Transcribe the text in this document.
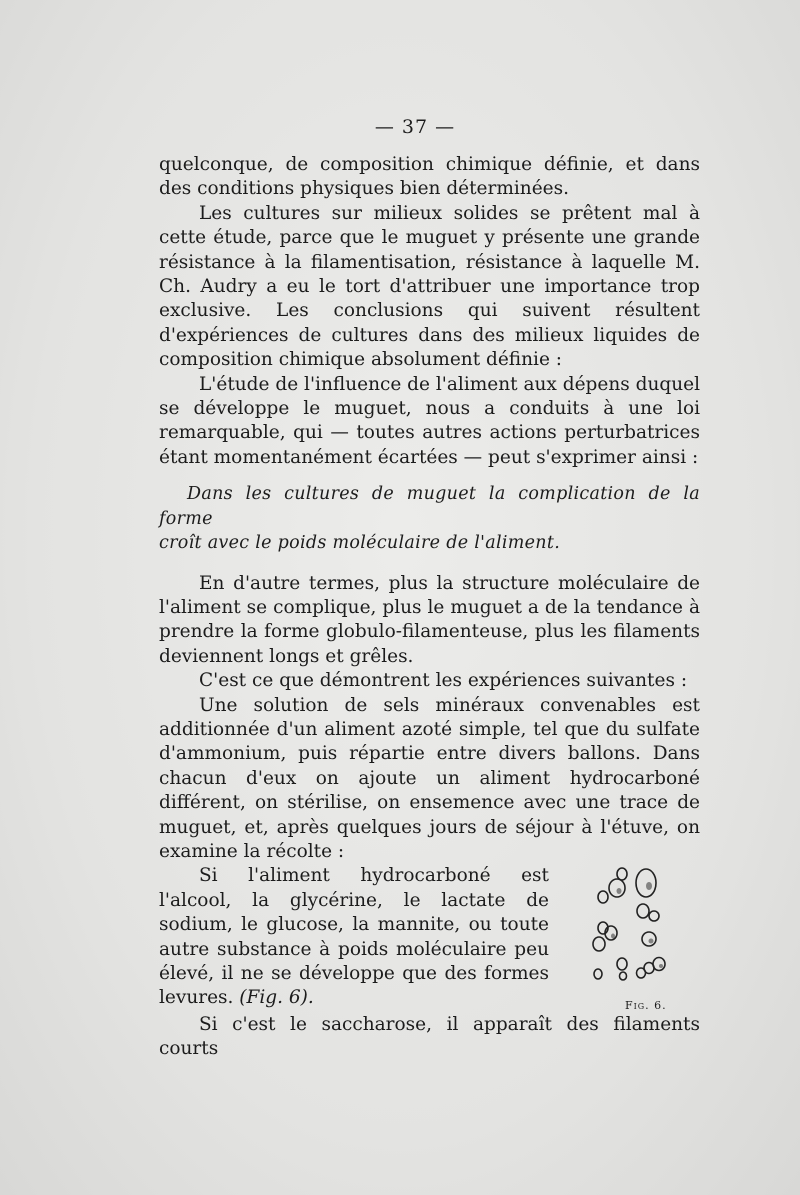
— 37 —

quelconque, de composition chimique définie, et dans des conditions physiques bien déterminées.

Les cultures sur milieux solides se prêtent mal à cette étude, parce que le muguet y présente une grande résistance à la filamentisation, résistance à laquelle M. Ch. Audry a eu le tort d'attribuer une importance trop exclusive. Les conclusions qui suivent résultent d'expériences de cultures dans des milieux liquides de composition chimique absolument définie :

L'étude de l'influence de l'aliment aux dépens duquel se développe le muguet, nous a conduits à une loi remarquable, qui — toutes autres actions perturbatrices étant momentanément écartées — peut s'exprimer ainsi :

Dans les cultures de muguet la complication de la forme
croît avec le poids moléculaire de l'aliment.

En d'autre termes, plus la structure moléculaire de l'aliment se complique, plus le muguet a de la tendance à prendre la forme globulo-filamenteuse, plus les filaments deviennent longs et grêles.

C'est ce que démontrent les expériences suivantes :

Une solution de sels minéraux convenables est additionnée d'un aliment azoté simple, tel que du sulfate d'ammonium, puis répartie entre divers ballons. Dans chacun d'eux on ajoute un aliment hydrocarboné différent, on stérilise, on ensemence avec une trace de muguet, et, après quelques jours de séjour à l'étuve, on examine la récolte :

Si l'aliment hydrocarboné est l'alcool, la glycérine, le lactate de sodium, le glucose, la mannite, ou toute autre substance à poids moléculaire peu élevé, il ne se développe que des formes levures. (Fig. 6).	Fig. 6.

Si c'est le saccharose, il apparaît des filaments courts
